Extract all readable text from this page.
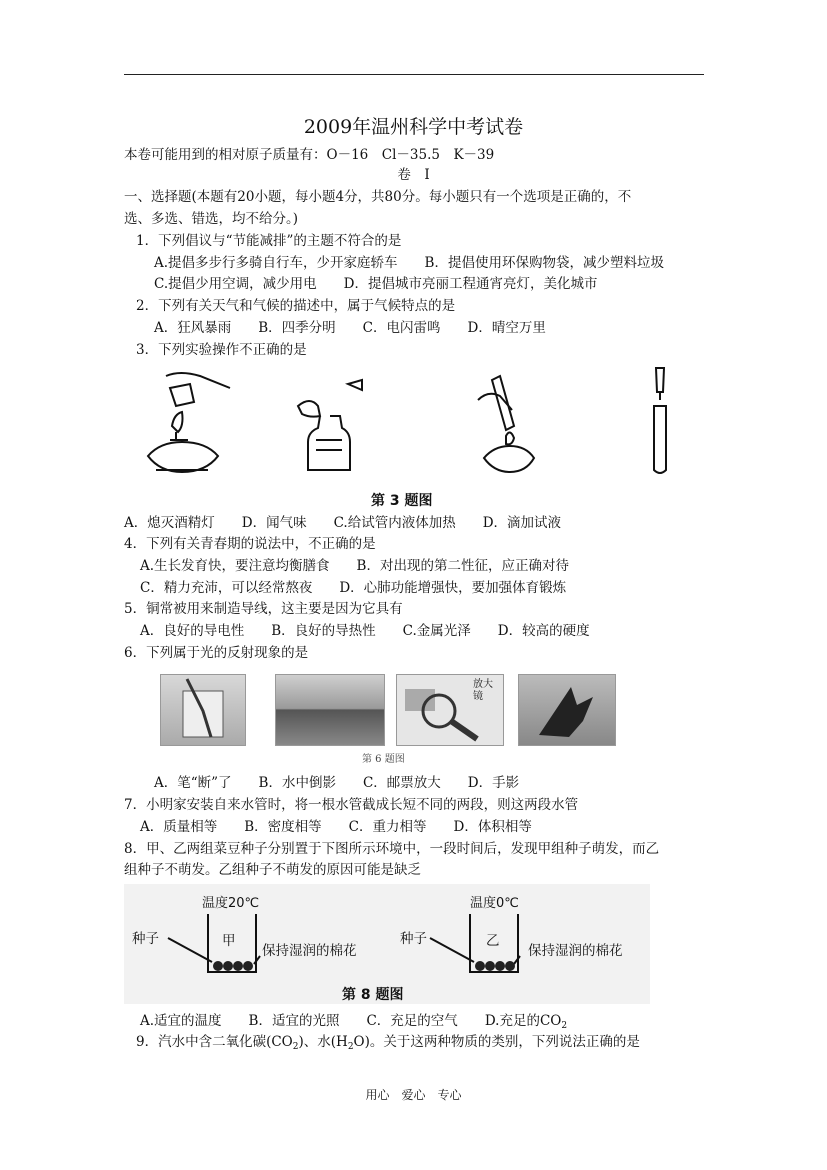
2009年温州科学中考试卷
本卷可能用到的相对原子质量有：O－16　Cl－35.5　K－39
卷　I
一、选择题(本题有20小题，每小题4分，共80分。每小题只有一个选项是正确的，不
选、多选、错选，均不给分。)
1．下列倡议与“节能减排”的主题不符合的是
A.提倡多步行多骑自行车，少开家庭轿车　　B．提倡使用环保购物袋，减少塑料垃圾
C.提倡少用空调，减少用电　　D．提倡城市亮丽工程通宵亮灯，美化城市
2．下列有关天气和气候的描述中，属于气候特点的是
A．狂风暴雨　　B．四季分明　　C．电闪雷鸣　　D．晴空万里
3．下列实验操作不正确的是
第 3 题图
A．熄灭酒精灯　　D．闻气味　　C.给试管内液体加热　　D．滴加试液
4．下列有关青春期的说法中，不正确的是
A.生长发育快，要注意均衡膳食　　B．对出现的第二性征，应正确对待
C．精力充沛，可以经常熬夜　　D．心肺功能增强快，要加强体育锻炼
5．铜常被用来制造导线，这主要是因为它具有
A．良好的导电性　　B．良好的导热性　　C.金属光泽　　D．较高的硬度
6．下列属于光的反射现象的是
放大镜
第 6 题图
A．笔“断”了　　B．水中倒影　　C．邮票放大　　D．手影
7．小明家安装自来水管时，将一根水管截成长短不同的两段，则这两段水管
A．质量相等　　B．密度相等　　C．重力相等　　D．体积相等
8．甲、乙两组菜豆种子分别置于下图所示环境中，一段时间后，发现甲组种子萌发，而乙
组种子不萌发。乙组种子不萌发的原因可能是缺乏
温度20℃	温度0℃
种子	种子
甲	乙
保持湿润的棉花	保持湿润的棉花
第 8 题图
A.适宜的温度　　 B．适宜的光照　　 C．充足的空气　　 D.充足的$CO_2$
9．汽水中含二氧化碳$(CO_2)$、水$(H_2O)$。关于这两种物质的类别，下列说法正确的是
用心　爱心　专心
